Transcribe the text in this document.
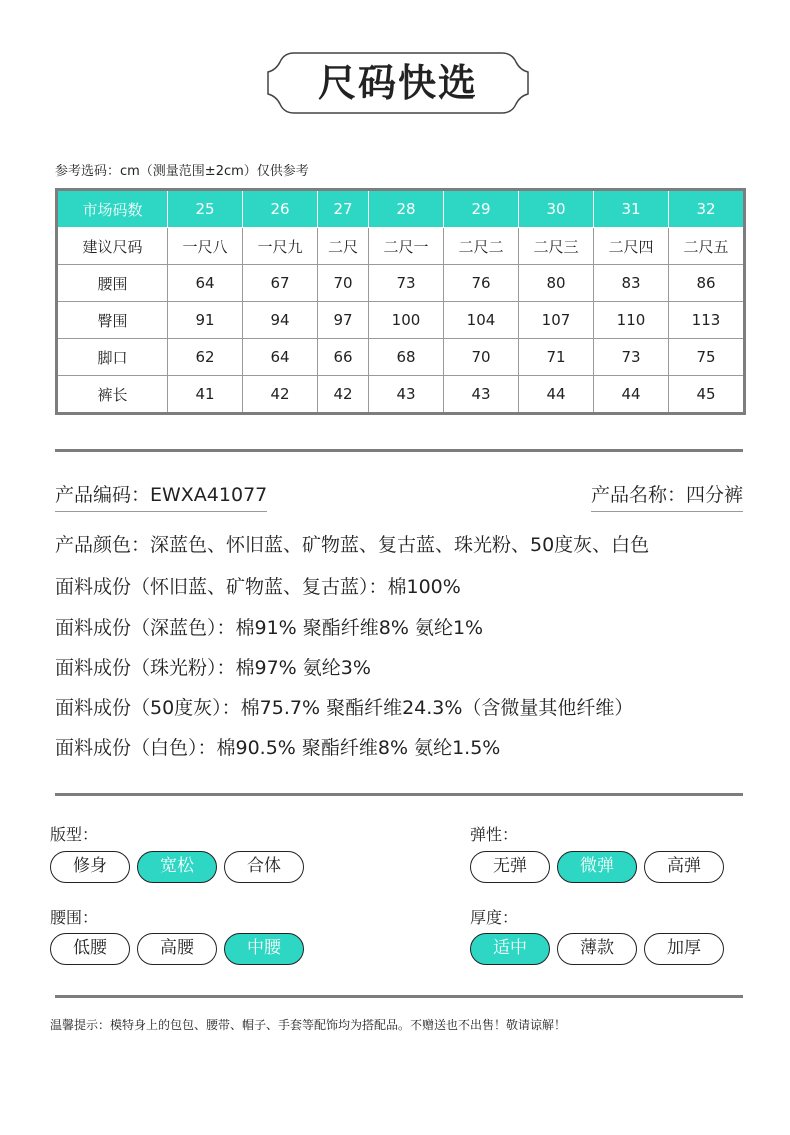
尺码快选
参考选码：cm（测量范围±2cm）仅供参考
市场码数	25	26	27	28	29	30	31	32
建议尺码	一尺八	一尺九	二尺	二尺一	二尺二	二尺三	二尺四	二尺五
腰围	64	67	70	73	76	80	83	86
臀围	91	94	97	100	104	107	110	113
脚口	62	64	66	68	70	71	73	75
裤长	41	42	42	43	43	44	44	45
产品编码：EWXA41077	产品名称：四分裤
产品颜色：深蓝色、怀旧蓝、矿物蓝、复古蓝、珠光粉、50度灰、白色
面料成份（怀旧蓝、矿物蓝、复古蓝）：棉100%
面料成份（深蓝色）：棉91% 聚酯纤维8% 氨纶1%
面料成份（珠光粉）：棉97% 氨纶3%
面料成份（50度灰）：棉75.7% 聚酯纤维24.3%（含微量其他纤维）
面料成份（白色）：棉90.5% 聚酯纤维8% 氨纶1.5%
版型：
修身	宽松	合体
弹性：
无弹	微弹	高弹
腰围：
低腰	高腰	中腰
厚度：
适中	薄款	加厚
温馨提示：模特身上的包包、腰带、帽子、手套等配饰均为搭配品。不赠送也不出售！敬请谅解！
